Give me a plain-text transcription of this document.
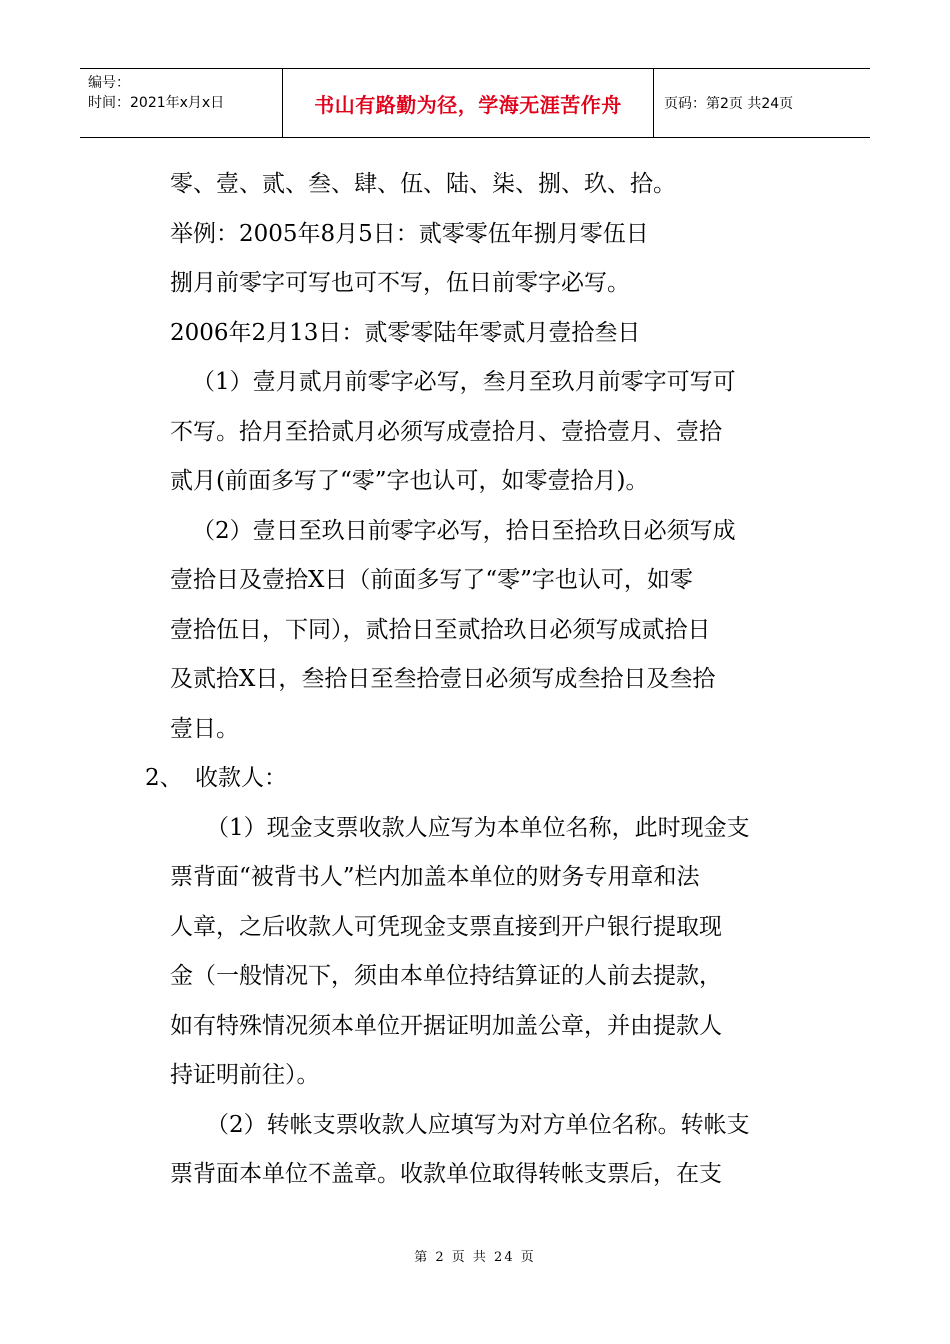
编号：
时间：2021年x月x日	书山有路勤为径，学海无涯苦作舟	页码：第2页 共24页
零、壹、贰、叁、肆、伍、陆、柒、捌、玖、拾。
举例：2005年8月5日：贰零零伍年捌月零伍日
捌月前零字可写也可不写，伍日前零字必写。
2006年2月13日：贰零零陆年零贰月壹拾叁日
（1）壹月贰月前零字必写，叁月至玖月前零字可写可
不写。拾月至拾贰月必须写成壹拾月、壹拾壹月、壹拾
贰月(前面多写了“零”字也认可，如零壹拾月)。
（2）壹日至玖日前零字必写，拾日至拾玖日必须写成
壹拾日及壹拾X日（前面多写了“零”字也认可，如零
壹拾伍日，下同），贰拾日至贰拾玖日必须写成贰拾日
及贰拾X日，叁拾日至叁拾壹日必须写成叁拾日及叁拾
壹日。
2、 收款人：
（1）现金支票收款人应写为本单位名称，此时现金支
票背面“被背书人”栏内加盖本单位的财务专用章和法
人章，之后收款人可凭现金支票直接到开户银行提取现
金（一般情况下，须由本单位持结算证的人前去提款，
如有特殊情况须本单位开据证明加盖公章，并由提款人
持证明前往）。
（2）转帐支票收款人应填写为对方单位名称。转帐支
票背面本单位不盖章。收款单位取得转帐支票后，在支
第 2 页 共 24 页
